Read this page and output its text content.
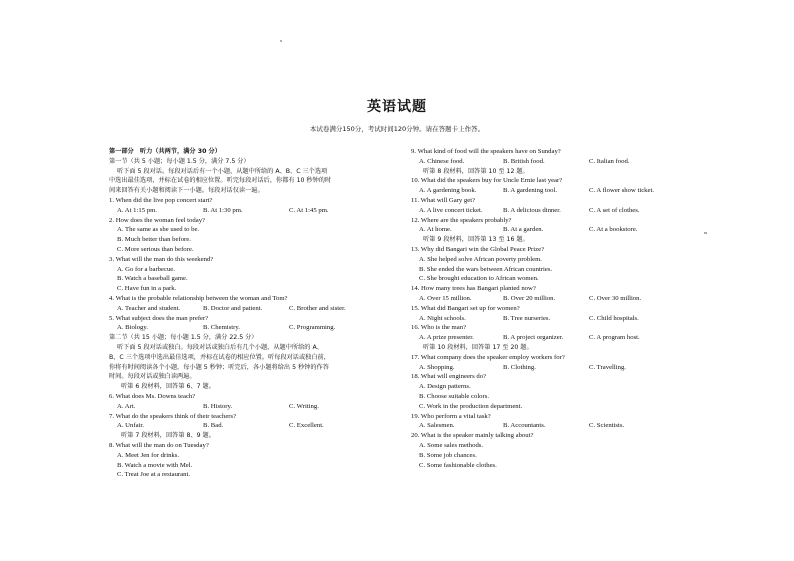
英语试题
本试卷满分150分，考试时间120分钟。请在答题卡上作答。
第一部分　听力（共两节，满分 30 分）
第一节（共 5 小题；每小题 1.5 分，满分 7.5 分）
听下面 5 段对话。每段对话后有一个小题，从题中所给的 A、B、C 三个选项
中选出最佳选项，并标在试卷的相应位置。听完每段对话后，你都有 10 秒钟的时
间来回答有关小题和阅读下一小题。每段对话仅读一遍。
1. When did the live pop concert start?
A. At 1:15 pm.	B. At 1:30 pm.	C. At 1:45 pm.
2. How does the woman feel today?
A. The same as she used to be.
B. Much better than before.
C. More serious than before.
3. What will the man do this weekend?
A. Go for a barbecue.
B. Watch a baseball game.
C. Have fun in a park.
4. What is the probable relationship between the woman and Tom?
A. Teacher and student.	B. Doctor and patient.	C. Brother and sister.
5. What subject does the man prefer?
A. Biology.	B. Chemistry.	C. Programming.
第二节（共 15 小题；每小题 1.5 分，满分 22.5 分）
听下面 5 段对话或独白。每段对话或独白后有几个小题，从题中所给的 A、
B、C 三个选项中选出最佳选项，并标在试卷的相应位置。听每段对话或独白前，
你将有时间阅读各个小题，每小题 5 秒钟；听完后，各小题将给出 5 秒钟的作答
时间。每段对话或独白读两遍。
听第 6 段材料，回答第 6、7 题。
6. What does Ms. Downs teach?
A. Art.	B. History.	C. Writing.
7. What do the speakers think of their teachers?
A. Unfair.	B. Bad.	C. Excellent.
听第 7 段材料，回答第 8、9 题。
8. What will the man do on Tuesday?
A. Meet Jen for drinks.
B. Watch a movie with Mel.
C. Treat Joe at a restaurant.
9. What kind of food will the speakers have on Sunday?
A. Chinese food.	B. British food.	C. Italian food.
听第 8 段材料，回答第 10 至 12 题。
10. What did the speakers buy for Uncle Ernie last year?
A. A gardening book.	B. A gardening tool.	C. A flower show ticket.
11. What will Gary get?
A. A live concert ticket.	B. A delicious dinner.	C. A set of clothes.
12. Where are the speakers probably?
A. At home.	B. At a garden.	C. At a bookstore.
听第 9 段材料，回答第 13 至 16 题。
13. Why did Bangari win the Global Peace Prize?
A. She helped solve African poverty problem.
B. She ended the wars between African countries.
C. She brought education to African women.
14. How many trees has Bangari planted now?
A. Over 15 million.	B. Over 20 million.	C. Over 30 million.
15. What did Bangari set up for women?
A. Night schools.	B. Tree nurseries.	C. Child hospitals.
16. Who is the man?
A. A prize presenter.	B. A project organizer.	C. A program host.
听第 10 段材料，回答第 17 至 20 题。
17. What company does the speaker employ workers for?
A. Shopping.	B. Clothing.	C. Travelling.
18. What will engineers do?
A. Design patterns.
B. Choose suitable colors.
C. Work in the production department.
19. Who perform a vital task?
A. Salesmen.	B. Accountants.	C. Scientists.
20. What is the speaker mainly talking about?
A. Some sales methods.
B. Some job chances.
C. Some fashionable clothes.
